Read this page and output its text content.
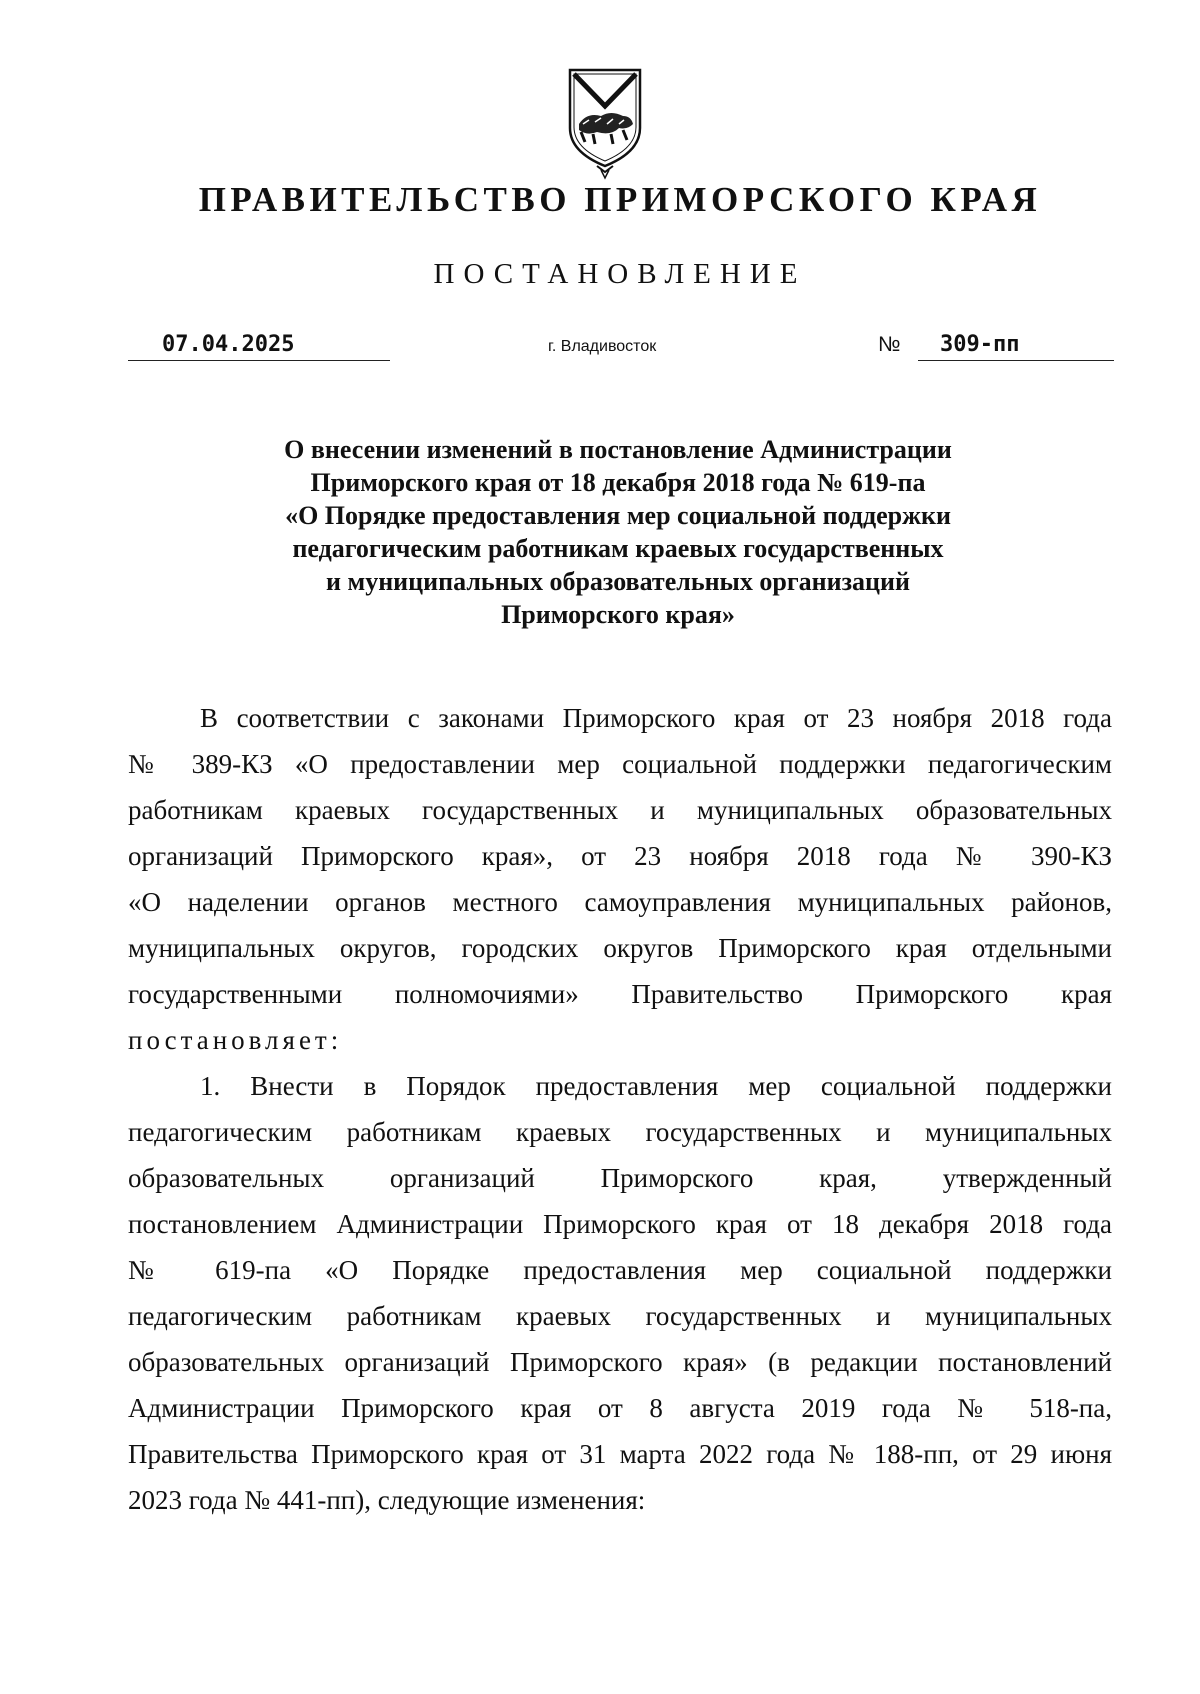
ПРАВИТЕЛЬСТВО ПРИМОРСКОГО КРАЯ
ПОСТАНОВЛЕНИЕ
07.04.2025	г. Владивосток	№	309-пп
О внесении изменений в постановление Администрации
Приморского края от 18 декабря 2018 года № 619-па
«О Порядке предоставления мер социальной поддержки
педагогическим работникам краевых государственных
и муниципальных образовательных организаций
Приморского края»
В соответствии с законами Приморского края от 23 ноября 2018 года
№ 389-КЗ «О предоставлении мер социальной поддержки педагогическим
работникам краевых государственных и муниципальных образовательных
организаций Приморского края», от 23 ноября 2018 года № 390-КЗ
«О наделении органов местного самоуправления муниципальных районов,
муниципальных округов, городских округов Приморского края отдельными
государственными полномочиями» Правительство Приморского края
постановляет:
1. Внести в Порядок предоставления мер социальной поддержки
педагогическим работникам краевых государственных и муниципальных
образовательных организаций Приморского края, утвержденный
постановлением Администрации Приморского края от 18 декабря 2018 года
№ 619-па «О Порядке предоставления мер социальной поддержки
педагогическим работникам краевых государственных и муниципальных
образовательных организаций Приморского края» (в редакции постановлений
Администрации Приморского края от 8 августа 2019 года № 518-па,
Правительства Приморского края от 31 марта 2022 года № 188-пп, от 29 июня
2023 года № 441-пп), следующие изменения:
